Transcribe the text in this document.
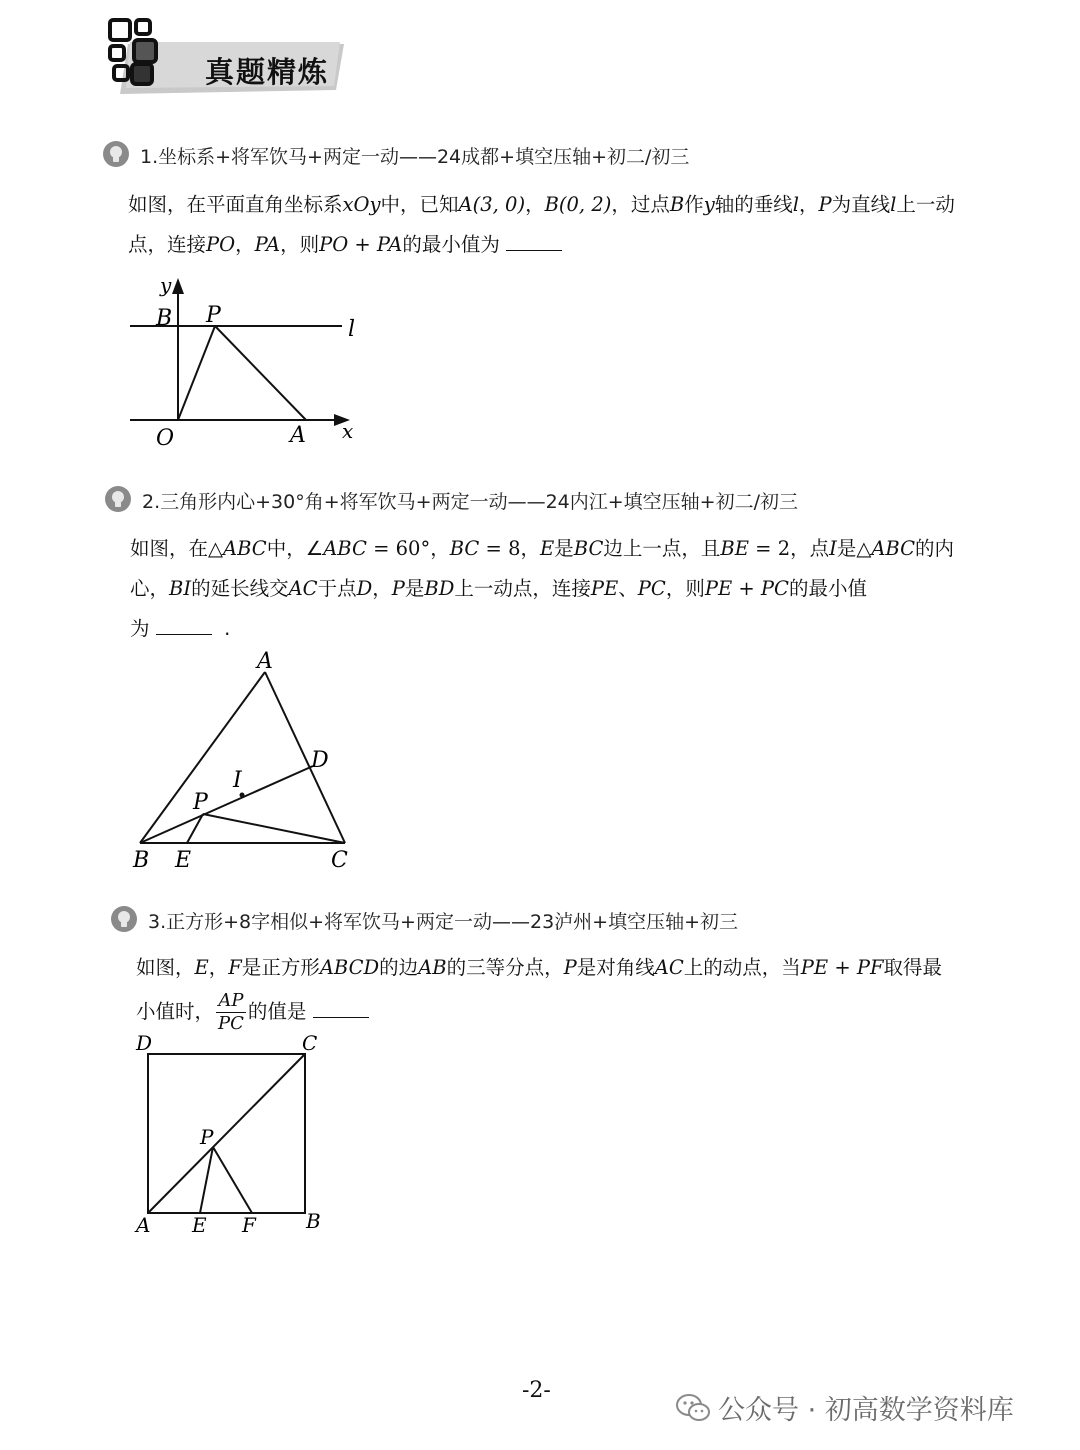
真题精炼
1.坐标系+将军饮马+两定一动——24成都+填空压轴+初二/初三
如图，在平面直角坐标系xOy中，已知A(3, 0)，B(0, 2)，过点B作y轴的垂线l，P为直线l上一动
点，连接PO，PA，则PO + PA的最小值为
y
B P
l
O	A x
2.三角形内心+30°角+将军饮马+两定一动——24内江+填空压轴+初二/初三
如图，在△ABC中，∠ABC = 60°，BC = 8，E是BC边上一点，且BE = 2，点I是△ABC的内
心，BI的延长线交AC于点D，P是BD上一动点，连接PE、PC，则PE + PC的最小值
为	.
A
D
I
P
B E	C
3.正方形+8字相似+将军饮马+两定一动——23泸州+填空压轴+初三
如图，E，F是正方形ABCD的边AB的三等分点，P是对角线AC上的动点，当PE + PF取得最
小值时， $\frac{AP}{PC}$ 的值是
D	C
P
A E F	B
-2-
公众号 · 初高数学资料库
